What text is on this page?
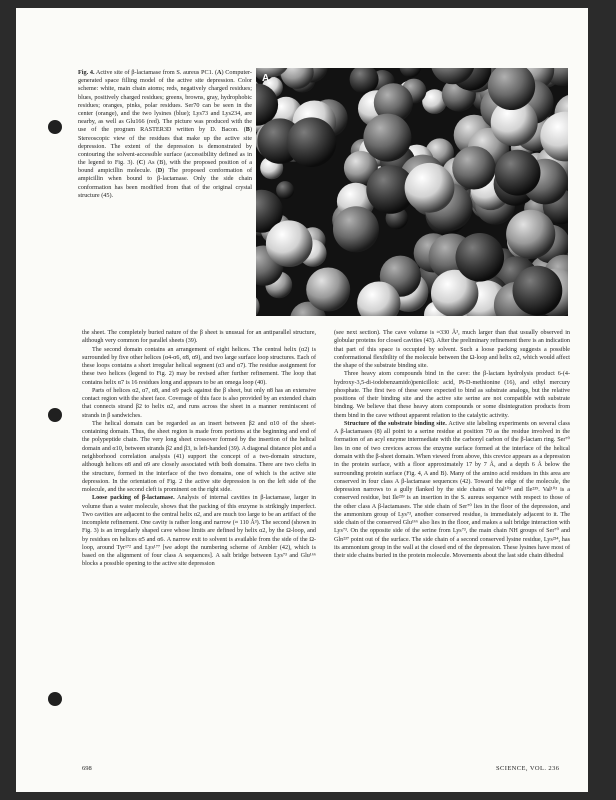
Fig. 4. Active site of β-lactamase from S. aureus PC1. (A) Computer-generated space filling model of the active site depression. Color scheme: white, main chain atoms; reds, negatively charged residues; blues, positively charged residues; greens, browns, gray, hydrophobic residues; oranges, pinks, polar residues. Ser70 can be seen in the center (orange), and the two lysines (blue); Lys73 and Lys234, are nearby, as well as Glu166 (red). The picture was produced with the use of the program RASTER3D written by D. Bacon. (B) Stereoscopic view of the residues that make up the active site depression. The extent of the depression is demonstrated by contouring the solvent-accessible surface (accessibility defined as in the legend to Fig. 3). (C) As (B), with the proposed position of a bound ampicillin molecule. (D) The proposed conformation of ampicillin when bound to β-lactamase. Only the side chain conformation has been modified from that of the original crystal structure (45).
A

the sheet. The completely buried nature of the β sheet is unusual for an antiparallel structure, although very common for parallel sheets (39).

The second domain contains an arrangement of eight helices. The central helix (α2) is surrounded by five other helices (α4-α6, α8, α9), and two large surface loop structures. Each of these loops contains a short irregular helical segment (α3 and α7). The residue assignment for these two helices (legend to Fig. 2) may be revised after further refinement. The loop that contains helix α7 is 16 residues long and appears to be an omega loop (40).

Parts of helices α2, α7, α8, and α9 pack against the β sheet, but only α8 has an extensive contact region with the sheet face. Coverage of this face is also provided by an extended chain that connects strand β2 to helix α2, and runs across the sheet in a manner reminiscent of strands in β sandwiches.

The helical domain can be regarded as an insert between β2 and α10 of the sheet-containing domain. Thus, the sheet region is made from portions at the beginning and end of the polypeptide chain. The very long sheet crossover formed by the insertion of the helical domain and α10, between strands β2 and β3, is left-handed (39). A diagonal distance plot and a neighborhood correlation analysis (41) support the concept of a two-domain structure, although helices α8 and α9 are closely associated with both domains. There are two clefts in the structure, formed in the interface of the two domains, one of which is the active site depression. In the orientation of Fig. 2 the active site depression is on the left side of the molecule, and the second cleft is prominent on the right side.

Loose packing of β-lactamase. Analysis of internal cavities in β-lactamase, larger in volume than a water molecule, shows that the packing of this enzyme is strikingly imperfect. Two cavities are adjacent to the central helix α2, and are much too large to be an artifact of the incomplete refinement. One cavity is rather long and narrow (≈ 110 Å³). The second (shown in Fig. 3) is an irregularly shaped cave whose limits are defined by helix α2, by the Ω-loop, and by residues on helices α5 and α6. A narrow exit to solvent is available from the side of the Ω-loop, around Tyr¹⁷² and Lys¹⁷⁷ [we adopt the numbering scheme of Ambler (42), which is based on the alignment of four class A sequences]. A salt bridge between Lys⁷³ and Glu¹⁶⁶ blocks a possible opening to the active site depression

(see next section). The cave volume is ≈330 Å³, much larger than that usually observed in globular proteins for closed cavities (43). After the preliminary refinement there is an indication that part of this space is occupied by solvent. Such a loose packing suggests a possible conformational flexibility of the molecule between the Ω-loop and helix α2, which would affect the shape of the substrate binding site.

Three heavy atom compounds bind in the cave: the β-lactam hydrolysis product 6-(4-hydroxy-3,5-di-iodobenzamido)penicilloic acid, Pt-D-methionine (16), and ethyl mercury phosphate. The first two of these were expected to bind as substrate analogs, but the relative positions of their binding site and the active site serine are not compatible with substrate binding. We believe that these heavy atom compounds or some disintegration products from them bind in the cave without apparent relation to the catalytic activity.

Structure of the substrate binding site. Active site labeling experiments on several class A β-lactamases (8) all point to a serine residue at position 70 as the residue involved in the formation of an acyl enzyme intermediate with the carbonyl carbon of the β-lactam ring. Ser⁷⁰ lies in one of two crevices across the enzyme surface formed at the interface of the helical domain with the β-sheet domain. When viewed from above, this crevice appears as a depression in the protein surface, with a floor approximately 17 by 7 Å, and a depth 6 Å below the surrounding protein surface (Fig. 4, A and B). Many of the amino acid residues in this area are conserved in four class A β-lactamase sequences (42). Toward the edge of the molecule, the depression narrows to a gully flanked by the side chains of Val¹⁰³ and Ile²³⁹. Val¹⁰³ is a conserved residue, but Ile²³⁹ is an insertion in the S. aureus sequence with respect to those of the other class A β-lactamases. The side chain of Ser⁷⁰ lies in the floor of the depression, and the ammonium group of Lys⁷³, another conserved residue, is immediately adjacent to it. The side chain of the conserved Glu¹⁶⁶ also lies in the floor, and makes a salt bridge interaction with Lys⁷³. On the opposite side of the serine from Lys⁷³, the main chain NH groups of Ser⁷⁰ and Gln²³⁷ point out of the surface. The side chain of a second conserved lysine residue, Lys²³⁴, has its ammonium group in the wall at the closed end of the depression. These lysines have most of their side chains buried in the protein molecule. Movements about the last side chain dihedral

698	SCIENCE, VOL. 236
